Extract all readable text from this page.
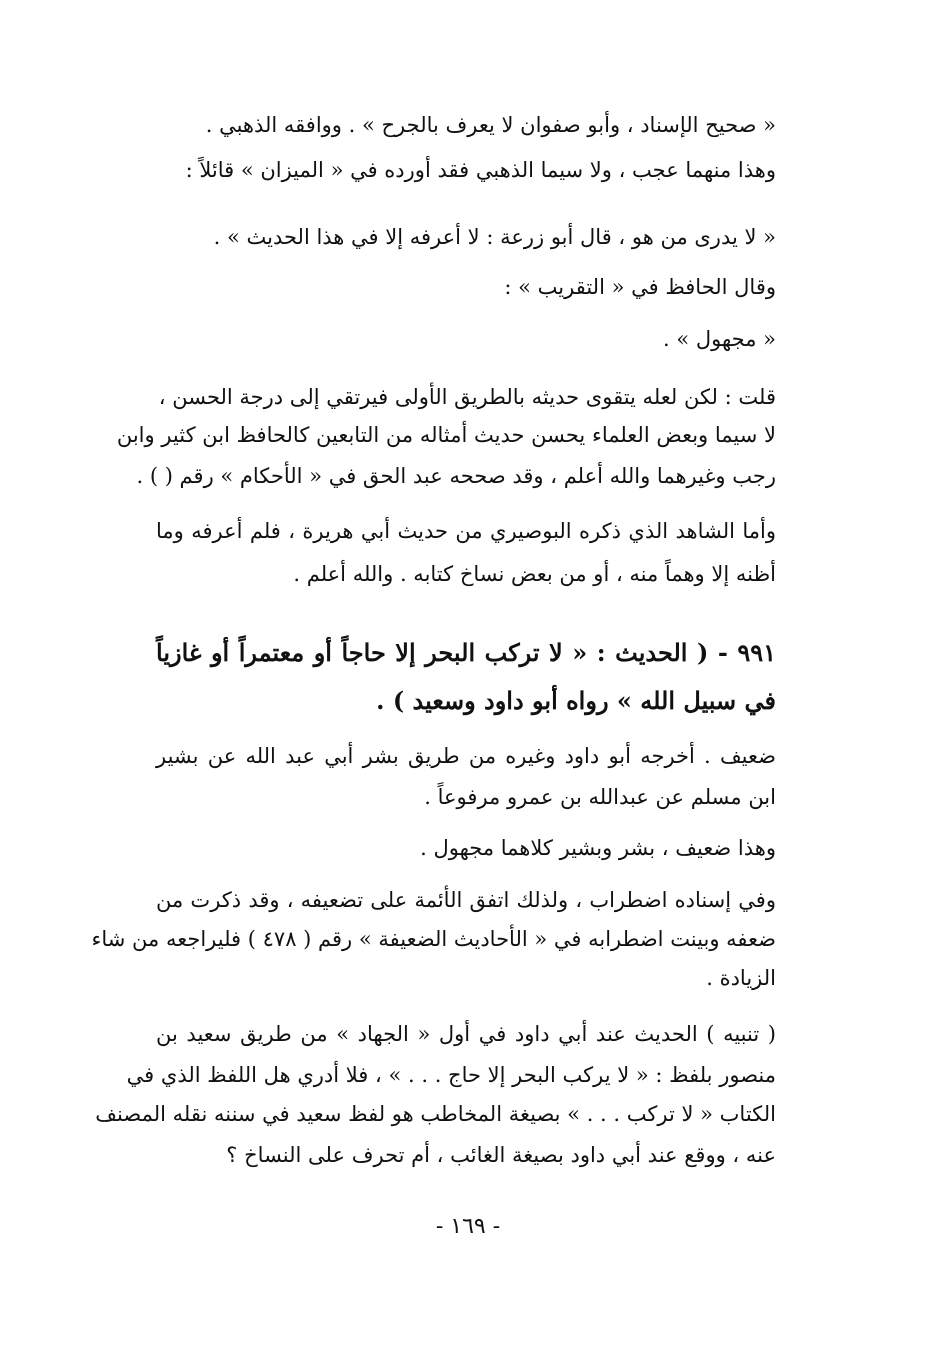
« صحيح الإسناد ، وأبو صفوان لا يعرف بالجرح » . ووافقه الذهبي .
وهذا منهما عجب ، ولا سيما الذهبي فقد أورده في « الميزان » قائلاً :
« لا يدرى من هو ، قال أبو زرعة : لا أعرفه إلا في هذا الحديث » .
وقال الحافظ في « التقريب » :
« مجهول » .
قلت : لكن لعله يتقوى حديثه بالطريق الأولى فيرتقي إلى درجة الحسن ،
لا سيما وبعض العلماء يحسن حديث أمثاله من التابعين كالحافظ ابن كثير وابن
رجب وغيرهما والله أعلم ، وقد صححه عبد الحق في « الأحكام » رقم ( ) .
وأما الشاهد الذي ذكره البوصيري من حديث أبي هريرة ، فلم أعرفه وما
أظنه إلا وهماً منه ، أو من بعض نساخ كتابه . والله أعلم .
٩٩١ - ( الحديث : « لا تركب البحر إلا حاجاً أو معتمراً أو غازياً
في سبيل الله » رواه أبو داود وسعيد ) .
ضعيف . أخرجه أبو داود وغيره من طريق بشر أبي عبد الله عن بشير
ابن مسلم عن عبدالله بن عمرو مرفوعاً .
وهذا ضعيف ، بشر وبشير كلاهما مجهول .
وفي إسناده اضطراب ، ولذلك اتفق الأئمة على تضعيفه ، وقد ذكرت من
ضعفه وبينت اضطرابه في « الأحاديث الضعيفة » رقم ( ٤٧٨ ) فليراجعه من شاء
الزيادة .
( تنبيه ) الحديث عند أبي داود في أول « الجهاد » من طريق سعيد بن
منصور بلفظ : « لا يركب البحر إلا حاج . . . » ، فلا أدري هل اللفظ الذي في
الكتاب « لا تركب . . . » بصيغة المخاطب هو لفظ سعيد في سننه نقله المصنف
عنه ، ووقع عند أبي داود بصيغة الغائب ، أم تحرف على النساخ ؟
- ١٦٩ -
